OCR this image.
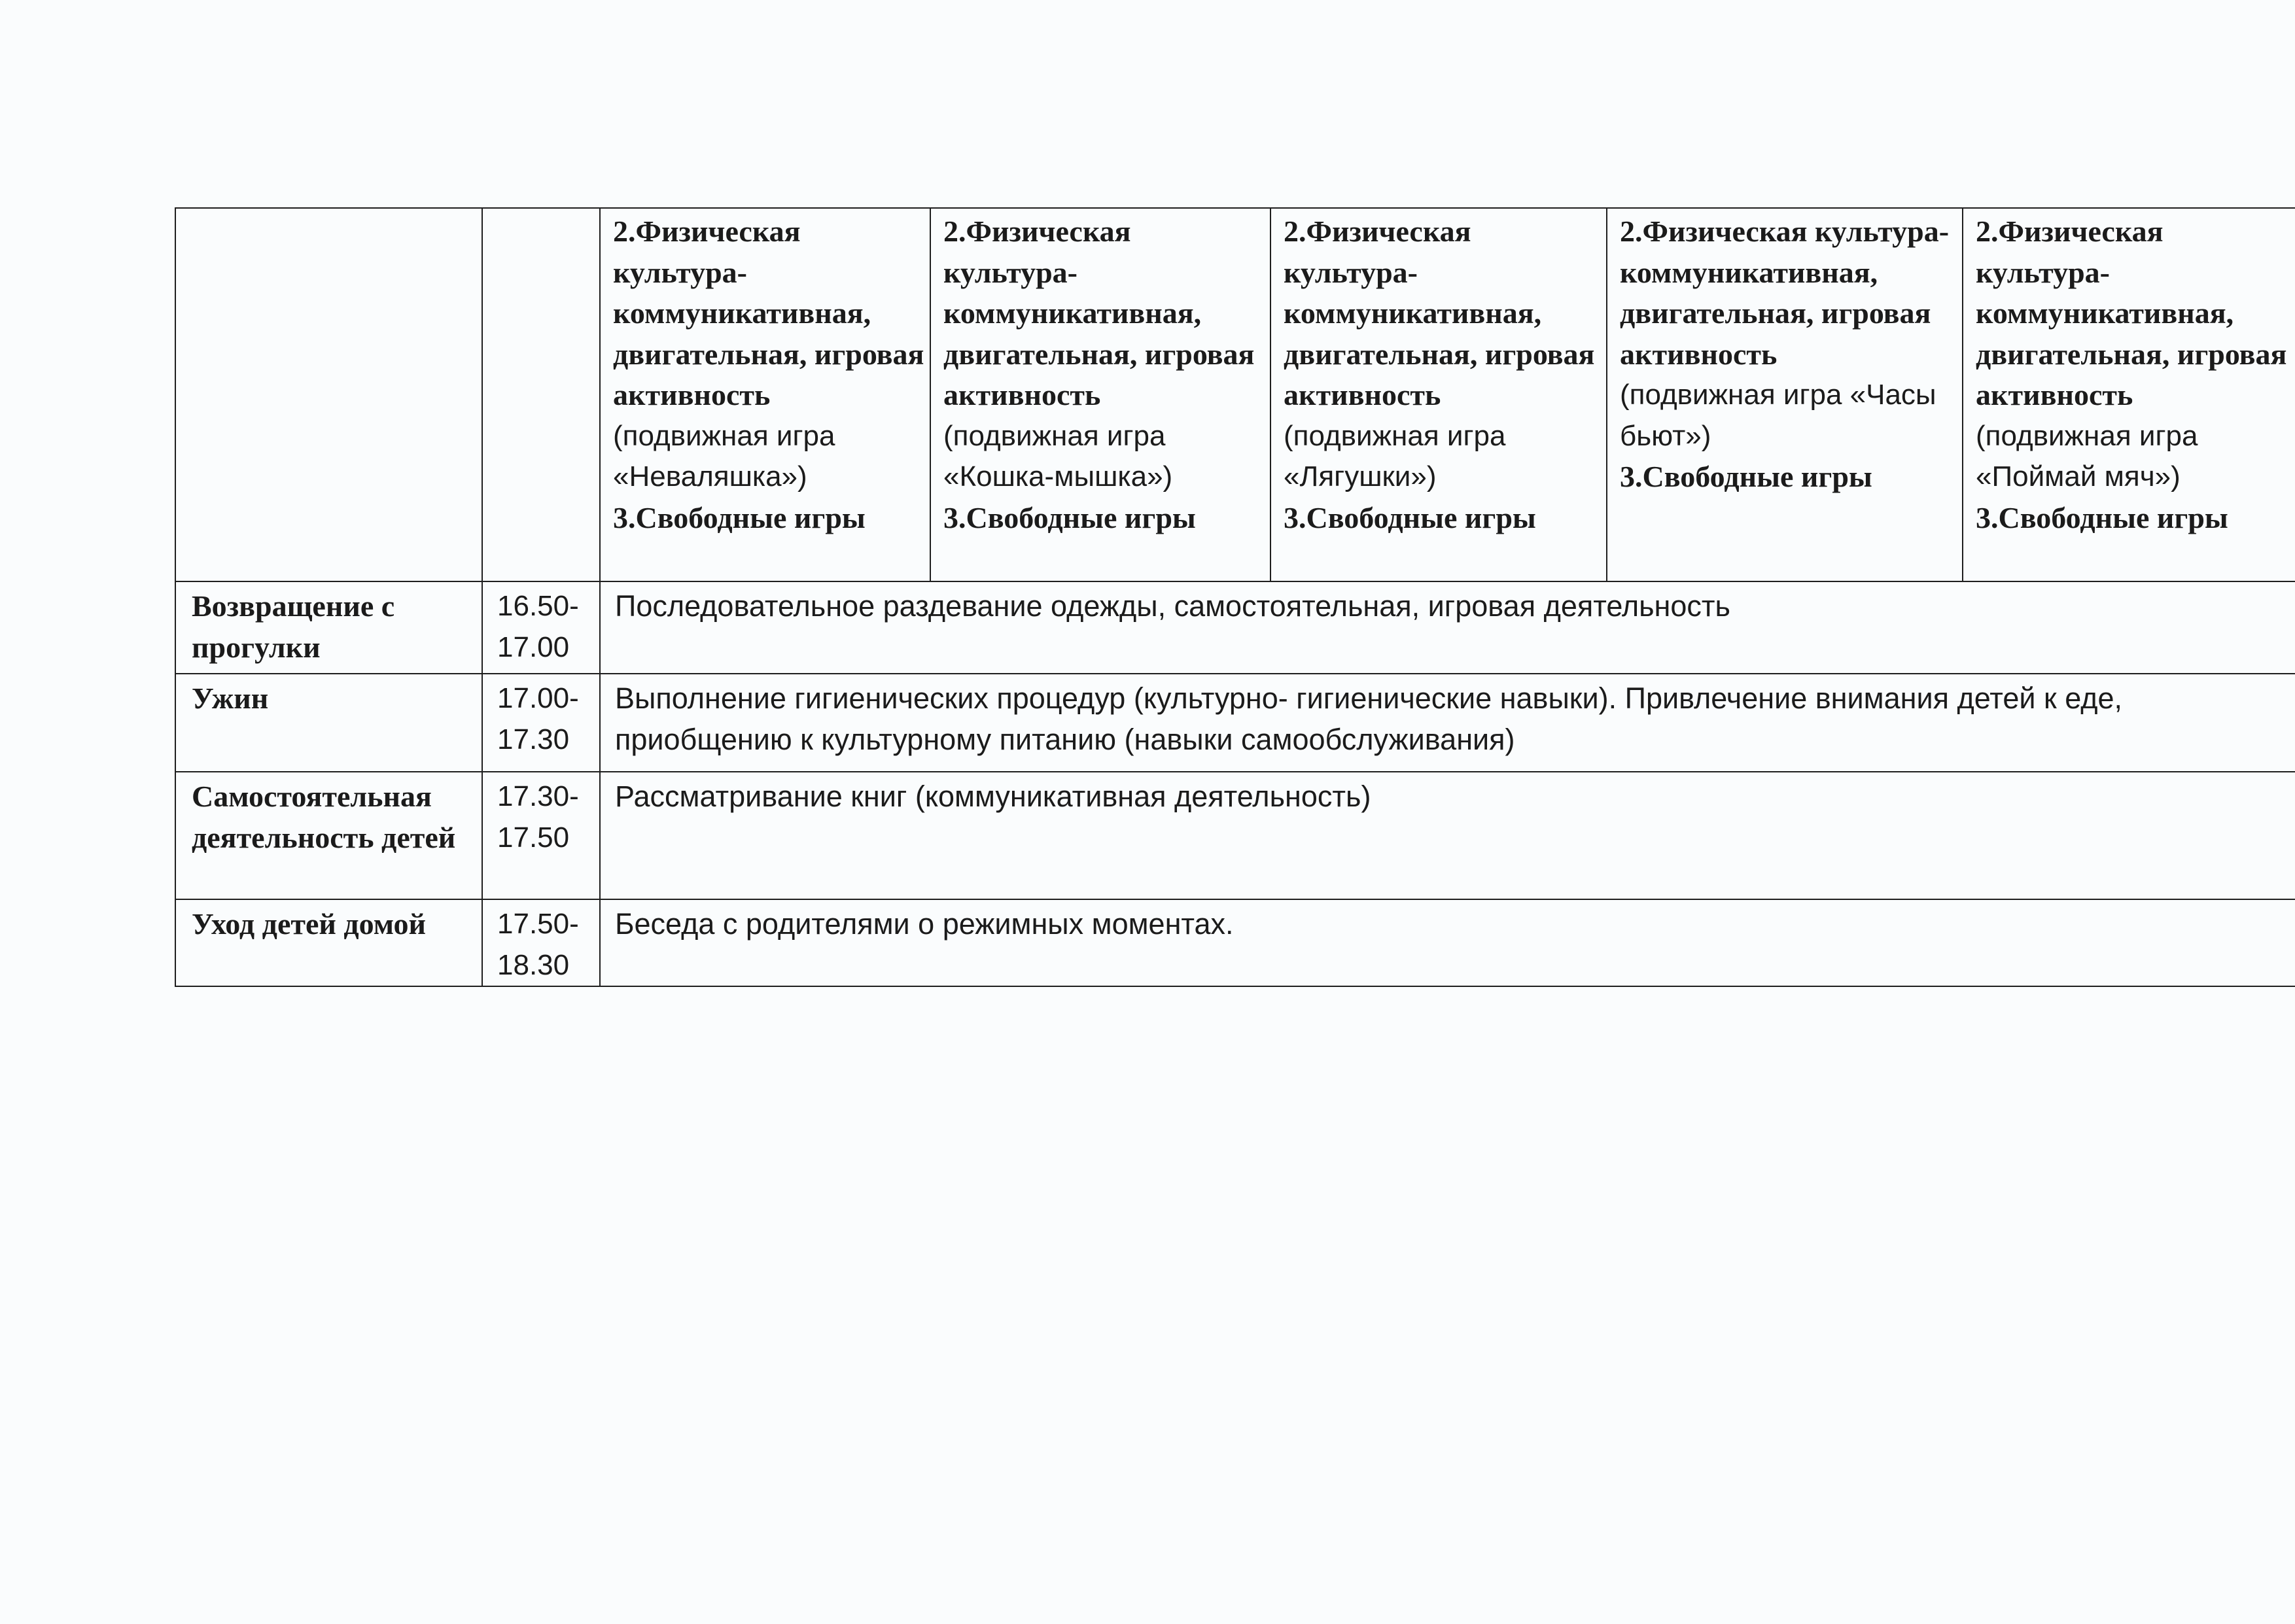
		2.Физическая культура-коммуникативная, двигательная, игровая активность
(подвижная игра «Неваляшка»)
3.Свободные игры	2.Физическая культура-коммуникативная, двигательная, игровая активность
(подвижная игра «Кошка-мышка»)
3.Свободные игры	2.Физическая культура-коммуникативная, двигательная, игровая активность
(подвижная игра «Лягушки»)
3.Свободные игры	2.Физическая культура-коммуникативная, двигательная, игровая активность
(подвижная игра «Часы бьют»)
3.Свободные игры	2.Физическая культура-коммуникативная, двигательная, игровая активность
(подвижная игра «Поймай мяч»)
3.Свободные игры

Возвращение с прогулки	16.50-17.00	Последовательное раздевание одежды, самостоятельная, игровая деятельность				
Ужин	17.00-17.30	Выполнение гигиенических процедур (культурно- гигиенические навыки). Привлечение внимания детей к еде, приобщению к культурному питанию (навыки самообслуживания)				
Самостоятельная деятельность детей	17.30-17.50	Рассматривание книг (коммуникативная деятельность)				
Уход детей домой	17.50-18.30	Беседа с родителями о режимных моментах.				
